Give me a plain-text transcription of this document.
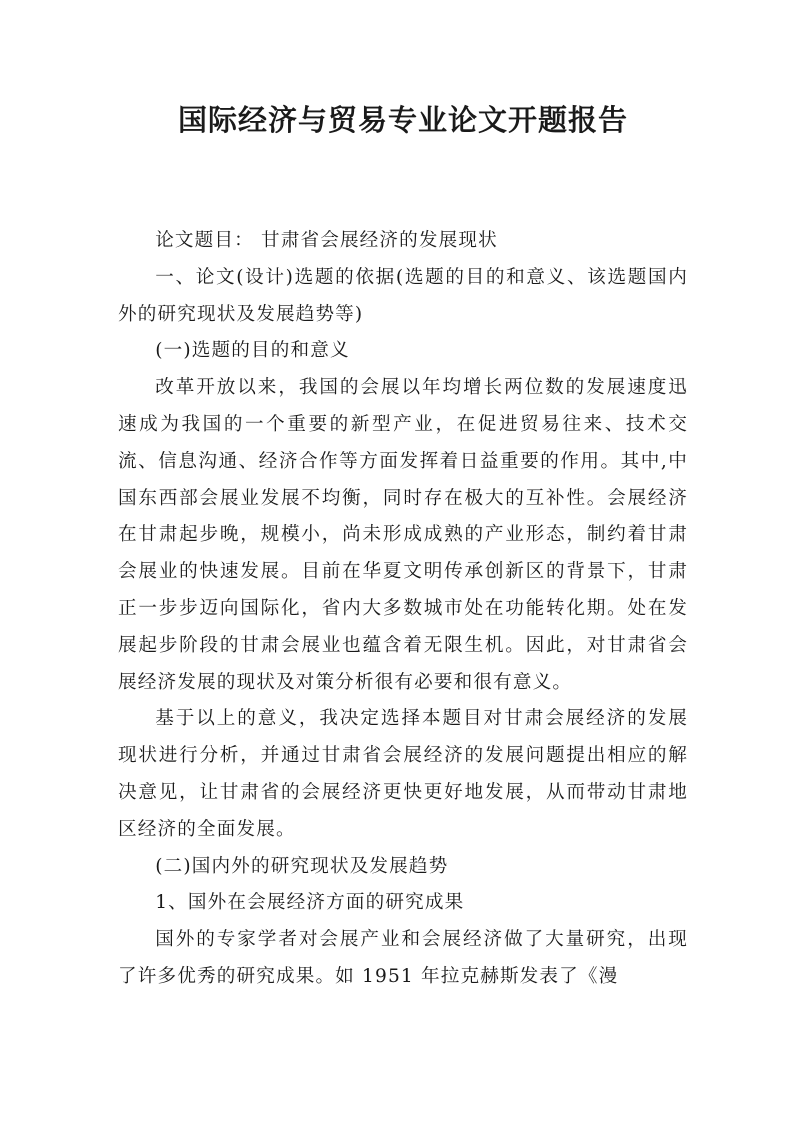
国际经济与贸易专业论文开题报告

论文题目： 甘肃省会展经济的发展现状

一、论文(设计)选题的依据(选题的目的和意义、该选题国内外的研究现状及发展趋势等)

(一)选题的目的和意义

改革开放以来，我国的会展以年均增长两位数的发展速度迅速成为我国的一个重要的新型产业，在促进贸易往来、技术交流、信息沟通、经济合作等方面发挥着日益重要的作用。其中,中国东西部会展业发展不均衡，同时存在极大的互补性。会展经济在甘肃起步晚，规模小，尚未形成成熟的产业形态，制约着甘肃会展业的快速发展。目前在华夏文明传承创新区的背景下，甘肃正一步步迈向国际化，省内大多数城市处在功能转化期。处在发展起步阶段的甘肃会展业也蕴含着无限生机。因此，对甘肃省会展经济发展的现状及对策分析很有必要和很有意义。

基于以上的意义，我决定选择本题目对甘肃会展经济的发展现状进行分析，并通过甘肃省会展经济的发展问题提出相应的解决意见，让甘肃省的会展经济更快更好地发展，从而带动甘肃地区经济的全面发展。

(二)国内外的研究现状及发展趋势

1、国外在会展经济方面的研究成果

国外的专家学者对会展产业和会展经济做了大量研究，出现了许多优秀的研究成果。如 1951 年拉克赫斯发表了《漫
